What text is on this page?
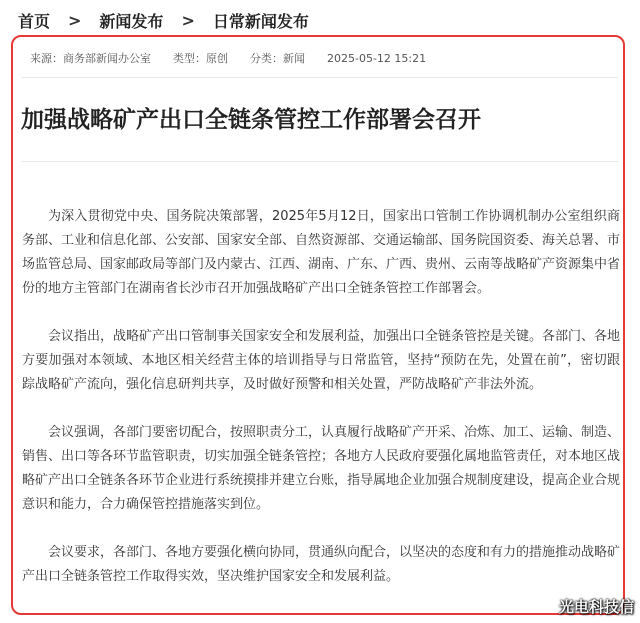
首页 > 新闻发布 > 日常新闻发布
来源：商务部新闻办公室 类型：原创 分类：新闻 2025-05-12 15:21
加强战略矿产出口全链条管控工作部署会召开

为深入贯彻党中央、国务院决策部署，2025年5月12日，国家出口管制工作协调机制办公室组织商务部、工业和信息化部、公安部、国家安全部、自然资源部、交通运输部、国务院国资委、海关总署、市场监管总局、国家邮政局等部门及内蒙古、江西、湖南、广东、广西、贵州、云南等战略矿产资源集中省份的地方主管部门在湖南省长沙市召开加强战略矿产出口全链条管控工作部署会。

会议指出，战略矿产出口管制事关国家安全和发展利益，加强出口全链条管控是关键。各部门、各地方要加强对本领域、本地区相关经营主体的培训指导与日常监管，坚持“预防在先，处置在前”，密切跟踪战略矿产流向，强化信息研判共享，及时做好预警和相关处置，严防战略矿产非法外流。

会议强调，各部门要密切配合，按照职责分工，认真履行战略矿产开采、冶炼、加工、运输、制造、销售、出口等各环节监管职责，切实加强全链条管控；各地方人民政府要强化属地监管责任，对本地区战略矿产出口全链条各环节企业进行系统摸排并建立台账，指导属地企业加强合规制度建设，提高企业合规意识和能力，合力确保管控措施落实到位。

会议要求，各部门、各地方要强化横向协同，贯通纵向配合，以坚决的态度和有力的措施推动战略矿产出口全链条管控工作取得实效，坚决维护国家安全和发展利益。

光电科技信
